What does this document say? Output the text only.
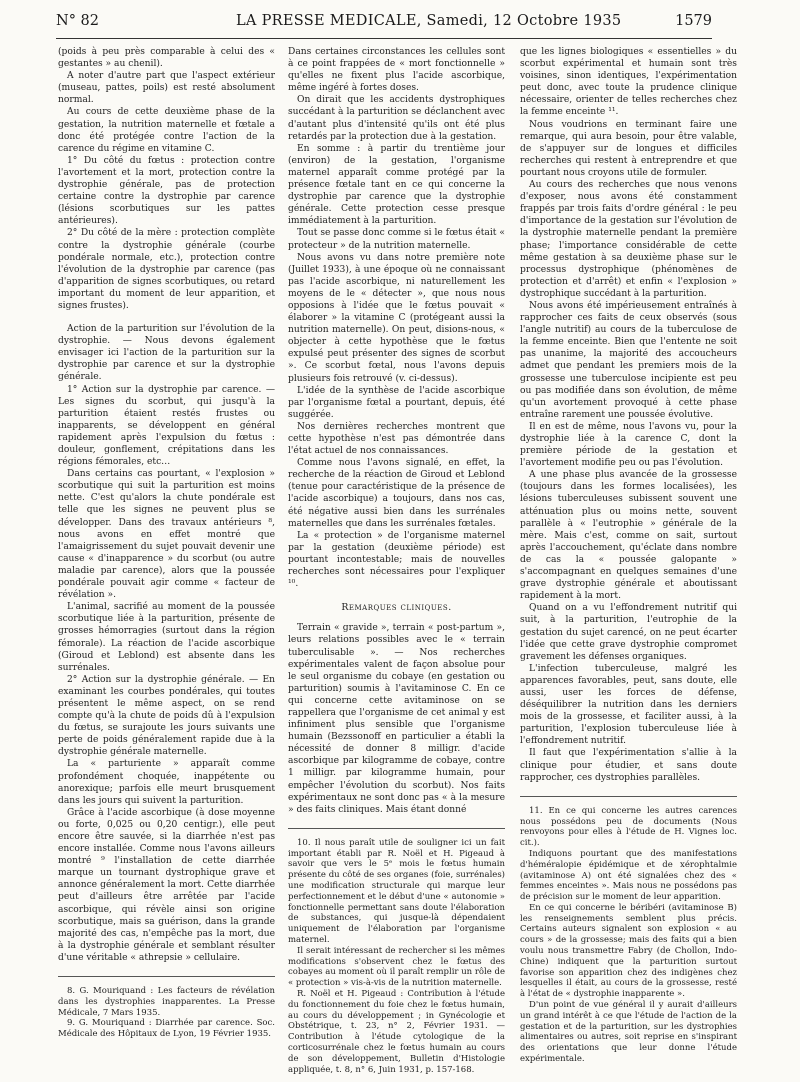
N° 82	LA PRESSE MEDICALE, Samedi, 12 Octobre 1935	1579

(poids à peu près comparable à celui des « gestantes » au chenil).

A noter d'autre part que l'aspect extérieur (museau, pattes, poils) est resté absolument normal.

Au cours de cette deuxième phase de la gestation, la nutrition maternelle et fœtale a donc été protégée contre l'action de la carence du régime en vitamine C.

1° Du côté du fœtus : protection contre l'avortement et la mort, protection contre la dystrophie générale, pas de protection certaine contre la dystrophie par carence (lésions scorbutiques sur les pattes antérieures).

2° Du côté de la mère : protection complète contre la dystrophie générale (courbe pondérale normale, etc.), protection contre l'évolution de la dystrophie par carence (pas d'apparition de signes scorbutiques, ou retard important du moment de leur apparition, et signes frustes).

Action de la parturition sur l'évolution de la dystrophie. — Nous devons également envisager ici l'action de la parturition sur la dystrophie par carence et sur la dystrophie générale.

1° Action sur la dystrophie par carence. — Les signes du scorbut, qui jusqu'à la parturition étaient restés frustes ou inapparents, se développent en général rapidement après l'expulsion du fœtus : douleur, gonflement, crépitations dans les régions fémorales, etc…

Dans certains cas pourtant, « l'explosion » scorbutique qui suit la parturition est moins nette. C'est qu'alors la chute pondérale est telle que les signes ne peuvent plus se développer. Dans des travaux antérieurs ⁸, nous avons en effet montré que l'amaigrissement du sujet pouvait devenir une cause « d'inapparence » du scorbut (ou autre maladie par carence), alors que la poussée pondérale pouvait agir comme « facteur de révélation ».

L'animal, sacrifié au moment de la poussée scorbutique liée à la parturition, présente de grosses hémorragies (surtout dans la région fémorale). La réaction de l'acide ascorbique (Giroud et Leblond) est absente dans les surrénales.

2° Action sur la dystrophie générale. — En examinant les courbes pondérales, qui toutes présentent le même aspect, on se rend compte qu'à la chute de poids dû à l'expulsion du fœtus, se surajoute les jours suivants une perte de poids généralement rapide due à la dystrophie générale maternelle.

La « parturiente » apparaît comme profondément choquée, inappétente ou anorexique; parfois elle meurt brusquement dans les jours qui suivent la parturition.

Grâce à l'acide ascorbique (à dose moyenne ou forte, 0,025 ou 0,20 centigr.), elle peut encore être sauvée, si la diarrhée n'est pas encore installée. Comme nous l'avons ailleurs montré ⁹ l'installation de cette diarrhée marque un tournant dystrophique grave et annonce généralement la mort. Cette diarrhée peut d'ailleurs être arrêtée par l'acide ascorbique, qui révèle ainsi son origine scorbutique, mais sa guérison, dans la grande majorité des cas, n'empêche pas la mort, due à la dystrophie générale et semblant résulter d'une véritable « athrepsie » cellulaire.

8. G. Mouriquand : Les facteurs de révélation dans les dystrophies inapparentes. La Presse Médicale, 7 Mars 1935.

9. G. Mouriquand : Diarrhée par carence. Soc. Médicale des Hôpitaux de Lyon, 19 Février 1935.

Dans certaines circonstances les cellules sont à ce point frappées de « mort fonctionnelle » qu'elles ne fixent plus l'acide ascorbique, même ingéré à fortes doses.

On dirait que les accidents dystrophiques succédant à la parturition se déclanchent avec d'autant plus d'intensité qu'ils ont été plus retardés par la protection due à la gestation.

En somme : à partir du trentième jour (environ) de la gestation, l'organisme maternel apparaît comme protégé par la présence fœtale tant en ce qui concerne la dystrophie par carence que la dystrophie générale. Cette protection cesse presque immédiatement à la parturition.

Tout se passe donc comme si le fœtus était « protecteur » de la nutrition maternelle.

Nous avons vu dans notre première note (Juillet 1933), à une époque où ne connaissant pas l'acide ascorbique, ni naturellement les moyens de le « détecter », que nous nous opposions à l'idée que le fœtus pouvait « élaborer » la vitamine C (protégeant aussi la nutrition maternelle). On peut, disions-nous, « objecter à cette hypothèse que le fœtus expulsé peut présenter des signes de scorbut ». Ce scorbut fœtal, nous l'avons depuis plusieurs fois retrouvé (v. ci-dessus).

L'idée de la synthèse de l'acide ascorbique par l'organisme fœtal a pourtant, depuis, été suggérée.

Nos dernières recherches montrent que cette hypothèse n'est pas démontrée dans l'état actuel de nos connaissances.

Comme nous l'avons signalé, en effet, la recherche de la réaction de Giroud et Leblond (tenue pour caractéristique de la présence de l'acide ascorbique) a toujours, dans nos cas, été négative aussi bien dans les surrénales maternelles que dans les surrénales fœtales.

La « protection » de l'organisme maternel par la gestation (deuxième période) est pourtant incontestable; mais de nouvelles recherches sont nécessaires pour l'expliquer ¹⁰.

Remarques cliniques.

Terrain « gravide », terrain « post-partum », leurs relations possibles avec le « terrain tuberculisable ». — Nos recherches expérimentales valent de façon absolue pour le seul organisme du cobaye (en gestation ou parturition) soumis à l'avitaminose C. En ce qui concerne cette avitaminose on se rappellera que l'organisme de cet animal y est infiniment plus sensible que l'organisme humain (Bezssonoff en particulier a établi la nécessité de donner 8 milligr. d'acide ascorbique par kilogramme de cobaye, contre 1 milligr. par kilogramme humain, pour empêcher l'évolution du scorbut). Nos faits expérimentaux ne sont donc pas « à la mesure » des faits cliniques. Mais étant donné

10. Il nous paraît utile de souligner ici un fait important établi par R. Noël et H. Pigeaud à savoir que vers le 5ᵉ mois le fœtus humain présente du côté de ses organes (foie, surrénales) une modification structurale qui marque leur perfectionnement et le début d'une « autonomie » fonctionnelle permettant sans doute l'élaboration de substances, qui jusque-là dépendaient uniquement de l'élaboration par l'organisme maternel.

Il serait intéressant de rechercher si les mêmes modifications s'observent chez le fœtus des cobayes au moment où il paraît remplir un rôle de « protection » vis-à-vis de la nutrition maternelle.

R. Noël et H. Pigeaud : Contribution à l'étude du fonctionnement du foie chez le fœtus humain, au cours du développement ; in Gynécologie et Obstétrique, t. 23, n° 2, Février 1931. — Contribution à l'étude cytologique de la corticosurrénale chez le fœtus humain au cours de son développement, Bulletin d'Histologie appliquée, t. 8, n° 6, Juin 1931, p. 157-168.

que les lignes biologiques « essentielles » du scorbut expérimental et humain sont très voisines, sinon identiques, l'expérimentation peut donc, avec toute la prudence clinique nécessaire, orienter de telles recherches chez la femme enceinte ¹¹.

Nous voudrions en terminant faire une remarque, qui aura besoin, pour être valable, de s'appuyer sur de longues et difficiles recherches qui restent à entreprendre et que pourtant nous croyons utile de formuler.

Au cours des recherches que nous venons d'exposer, nous avons été constamment frappés par trois faits d'ordre général : le peu d'importance de la gestation sur l'évolution de la dystrophie maternelle pendant la première phase; l'importance considérable de cette même gestation à sa deuxième phase sur le processus dystrophique (phénomènes de protection et d'arrêt) et enfin « l'explosion » dystrophique succédant à la parturition.

Nous avons été impérieusement entraînés à rapprocher ces faits de ceux observés (sous l'angle nutritif) au cours de la tuberculose de la femme enceinte. Bien que l'entente ne soit pas unanime, la majorité des accoucheurs admet que pendant les premiers mois de la grossesse une tuberculose incipiente est peu ou pas modifiée dans son évolution, de même qu'un avortement provoqué à cette phase entraîne rarement une poussée évolutive.

Il en est de même, nous l'avons vu, pour la dystrophie liée à la carence C, dont la première période de la gestation et l'avortement modifie peu ou pas l'évolution.

A une phase plus avancée de la grossesse (toujours dans les formes localisées), les lésions tuberculeuses subissent souvent une atténuation plus ou moins nette, souvent parallèle à « l'eutrophie » générale de la mère. Mais c'est, comme on sait, surtout après l'accouchement, qu'éclate dans nombre de cas la « poussée galopante » s'accompagnant en quelques semaines d'une grave dystrophie générale et aboutissant rapidement à la mort.

Quand on a vu l'effondrement nutritif qui suit, à la parturition, l'eutrophie de la gestation du sujet carencé, on ne peut écarter l'idée que cette grave dystrophie compromet gravement les défenses organiques.

L'infection tuberculeuse, malgré les apparences favorables, peut, sans doute, elle aussi, user les forces de défense, déséquilibrer la nutrition dans les derniers mois de la grossesse, et faciliter aussi, à la parturition, l'explosion tuberculeuse liée à l'effondrement nutritif.

Il faut que l'expérimentation s'allie à la clinique pour étudier, et sans doute rapprocher, ces dystrophies parallèles.

11. En ce qui concerne les autres carences nous possédons peu de documents (Nous renvoyons pour elles à l'étude de H. Vignes loc. cit.).

Indiquons pourtant que des manifestations d'héméralopie épidémique et de xérophtalmie (avitaminose A) ont été signalées chez des « femmes enceintes ». Mais nous ne possédons pas de précision sur le moment de leur apparition.

En ce qui concerne le béribéri (avitaminose B) les renseignements semblent plus précis. Certains auteurs signalent son explosion « au cours » de la grossesse; mais des faits qui a bien voulu nous transmettre Fabry (de Chollon, Indo-Chine) indiquent que la parturition surtout favorise son apparition chez des indigènes chez lesquelles il était, au cours de la grossesse, resté à l'état de « dystrophie inapparente ».

D'un point de vue général il y aurait d'ailleurs un grand intérêt à ce que l'étude de l'action de la gestation et de la parturition, sur les dystrophies alimentaires ou autres, soit reprise en s'inspirant des orientations que leur donne l'étude expérimentale.
